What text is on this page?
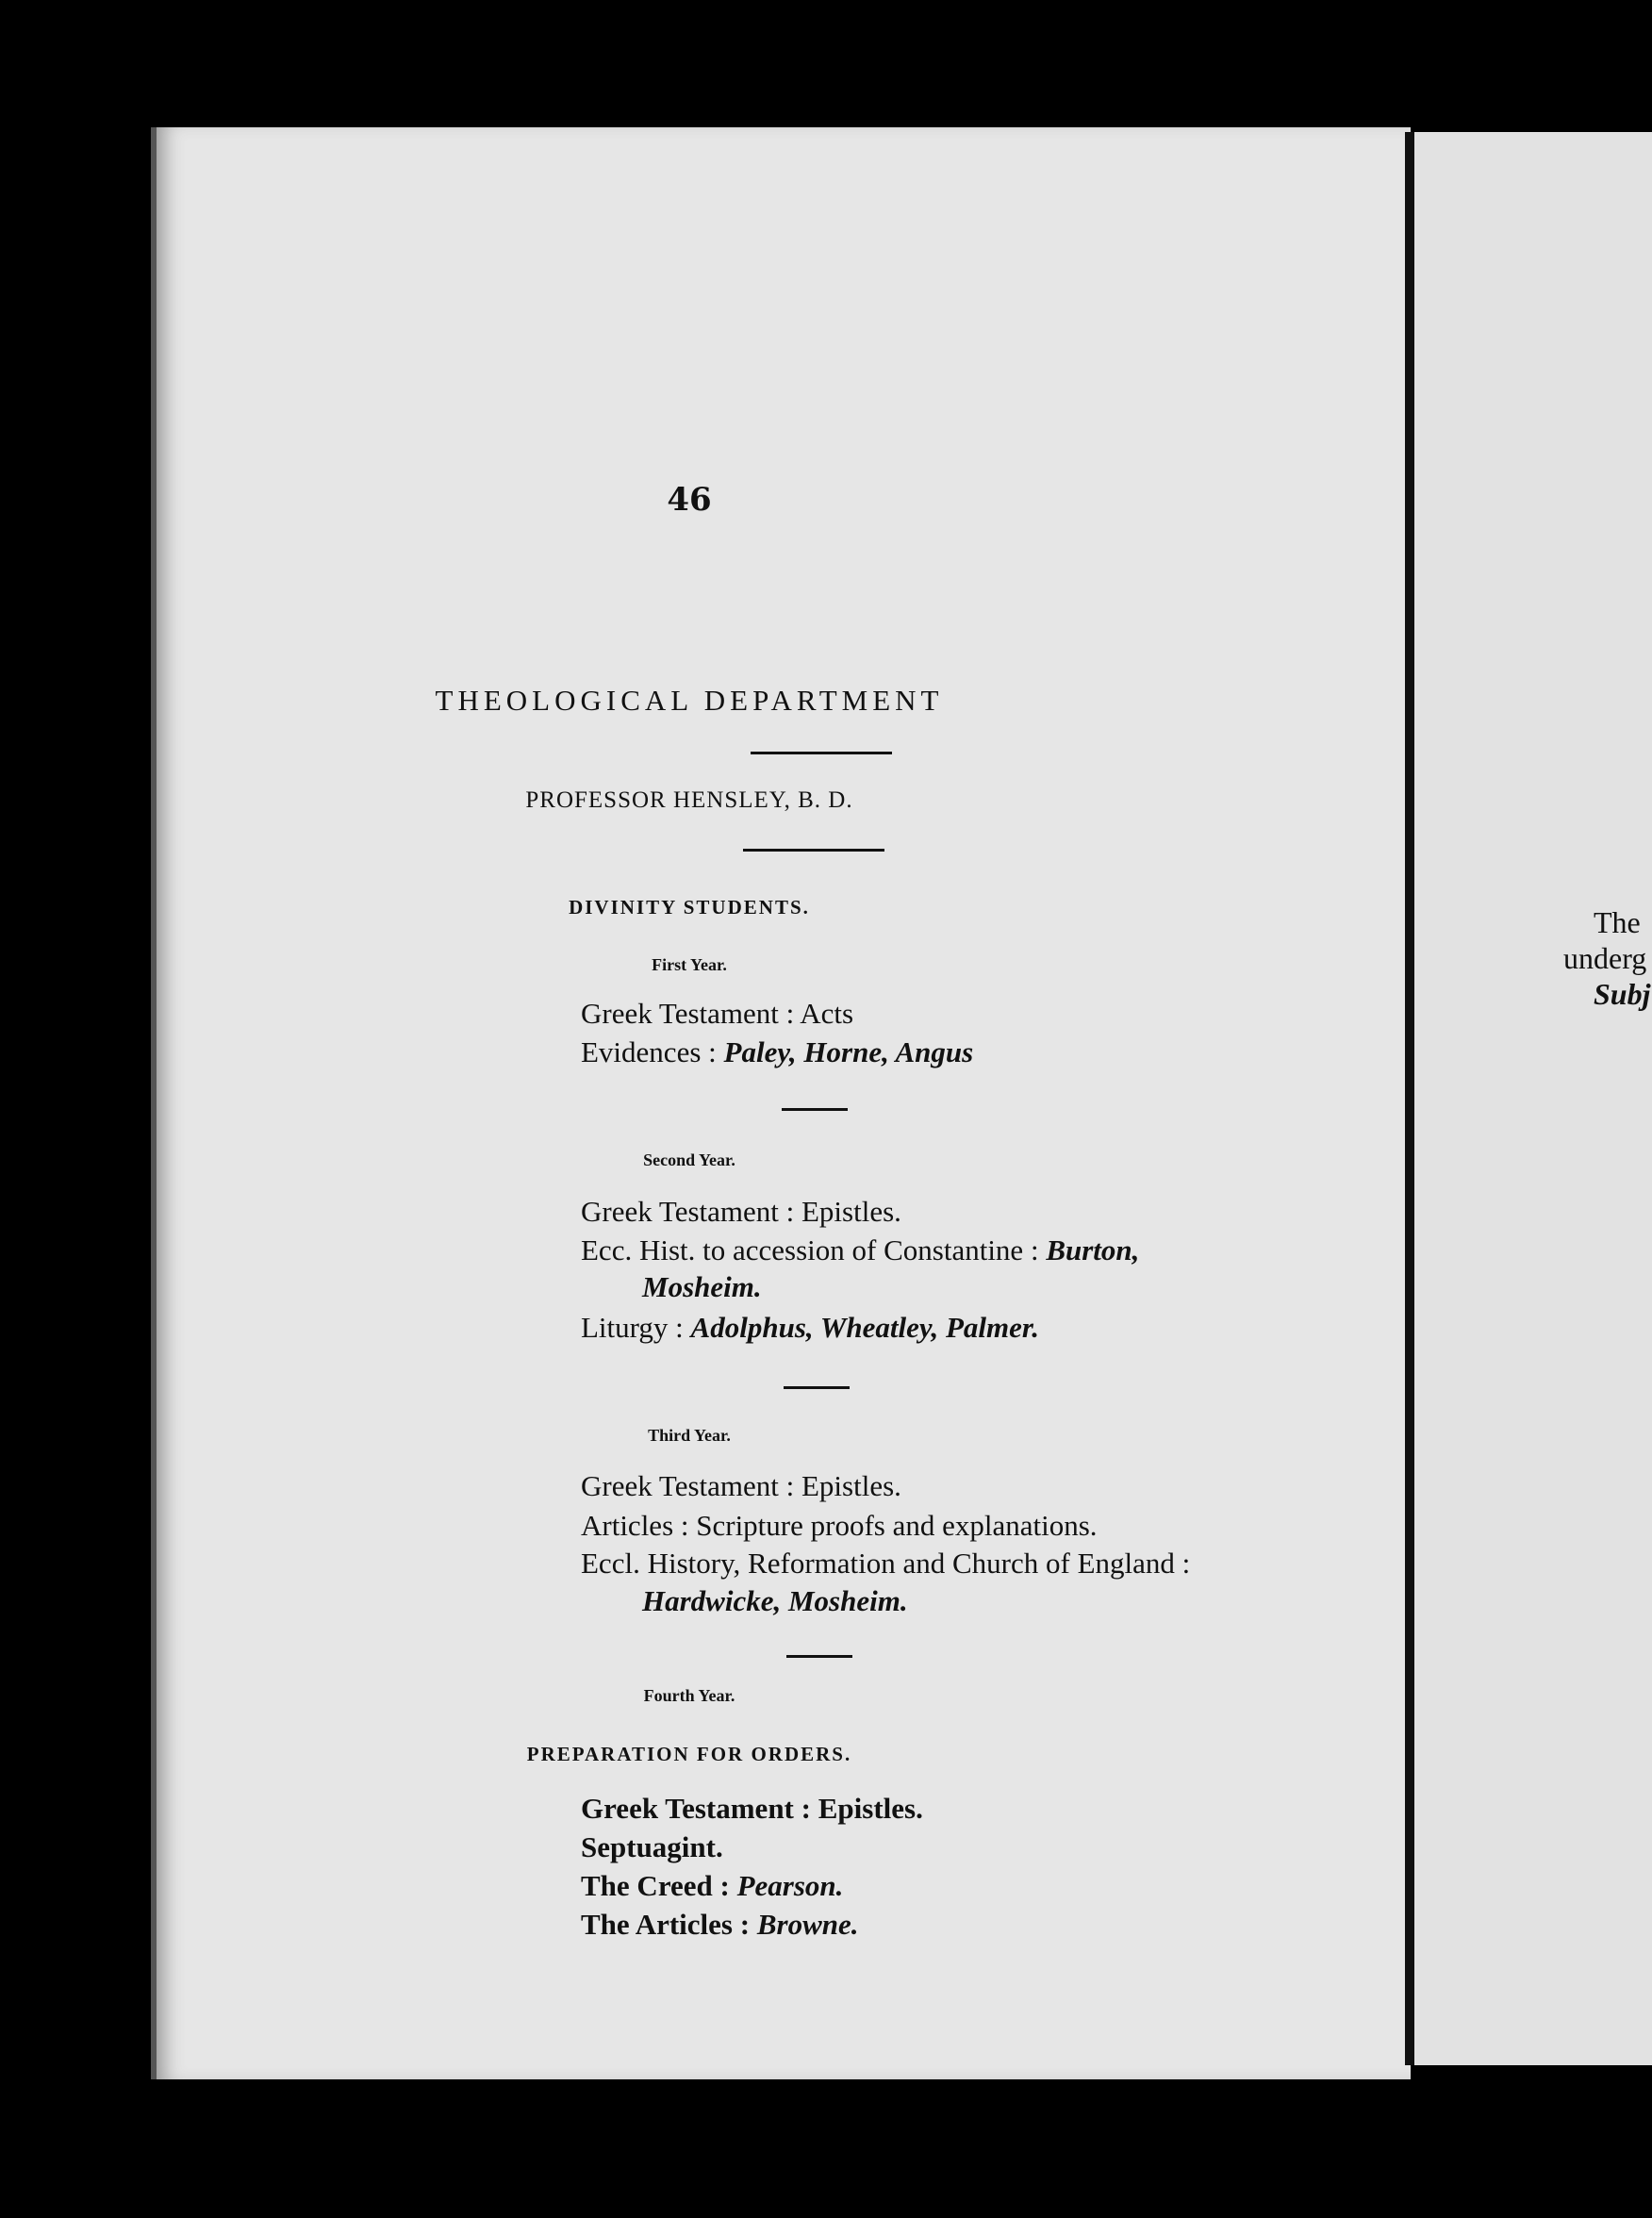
46
THEOLOGICAL DEPARTMENT
PROFESSOR HENSLEY, B. D.
DIVINITY STUDENTS.
First Year.
Greek Testament : Acts
Evidences : Paley, Horne, Angus
Second Year.
Greek Testament : Epistles.
Ecc. Hist. to accession of Constantine : Burton,
Mosheim.
Liturgy : Adolphus, Wheatley, Palmer.
Third Year.
Greek Testament : Epistles.
Articles : Scripture proofs and explanations.
Eccl. History, Reformation and Church of England :
Hardwicke, Mosheim.
Fourth Year.
PREPARATION FOR ORDERS.
Greek Testament : Epistles.
Septuagint.
The Creed : Pearson.
The Articles : Browne.
The
underg
Subj
